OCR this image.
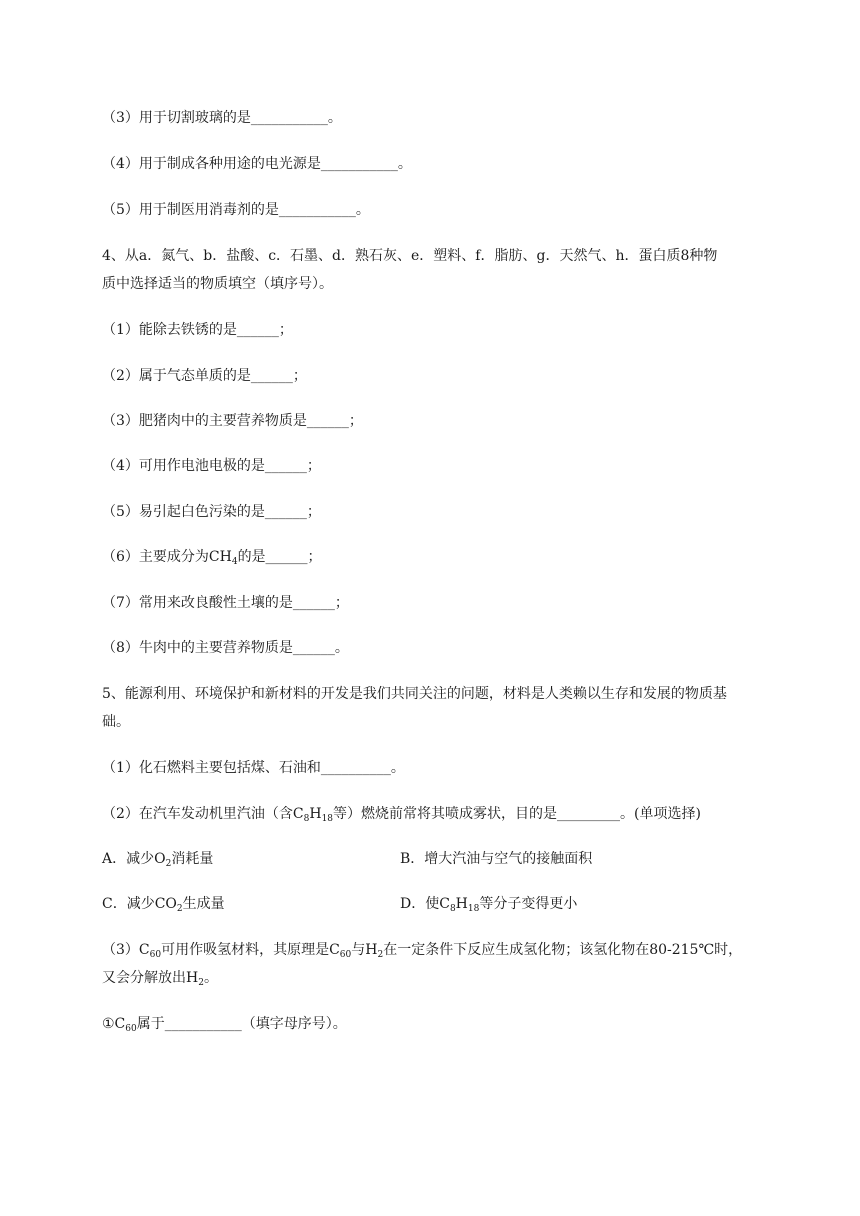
（3）用于切割玻璃的是___________。
（4）用于制成各种用途的电光源是___________。
（5）用于制医用消毒剂的是___________。
4、从a．氮气、b．盐酸、c．石墨、d．熟石灰、e．塑料、f．脂肪、g．天然气、h．蛋白质8种物
质中选择适当的物质填空（填序号）。
（1）能除去铁锈的是______；
（2）属于气态单质的是______；
（3）肥猪肉中的主要营养物质是______；
（4）可用作电池电极的是______；
（5）易引起白色污染的是______；
（6）主要成分为$CH_4$的是______；
（7）常用来改良酸性土壤的是______；
（8）牛肉中的主要营养物质是______。
5、能源利用、环境保护和新材料的开发是我们共同关注的问题，材料是人类赖以生存和发展的物质基
础。
（1）化石燃料主要包括煤、石油和__________。
（2）在汽车发动机里汽油（含$C_8H_{18}$等）燃烧前常将其喷成雾状，目的是_________。(单项选择)
A．减少$O_2$消耗量	B．增大汽油与空气的接触面积
C．减少$CO_2$生成量	D．使$C_8H_{18}$等分子变得更小
$(3)C_{60}$可用作吸氢材料，其原理是$C_{60}$与$H_2$在一定条件下反应生成氢化物；该氢化物在80-215℃时，
又会分解放出$H_2$。
$①C_{60}$属于___________（填字母序号）。
